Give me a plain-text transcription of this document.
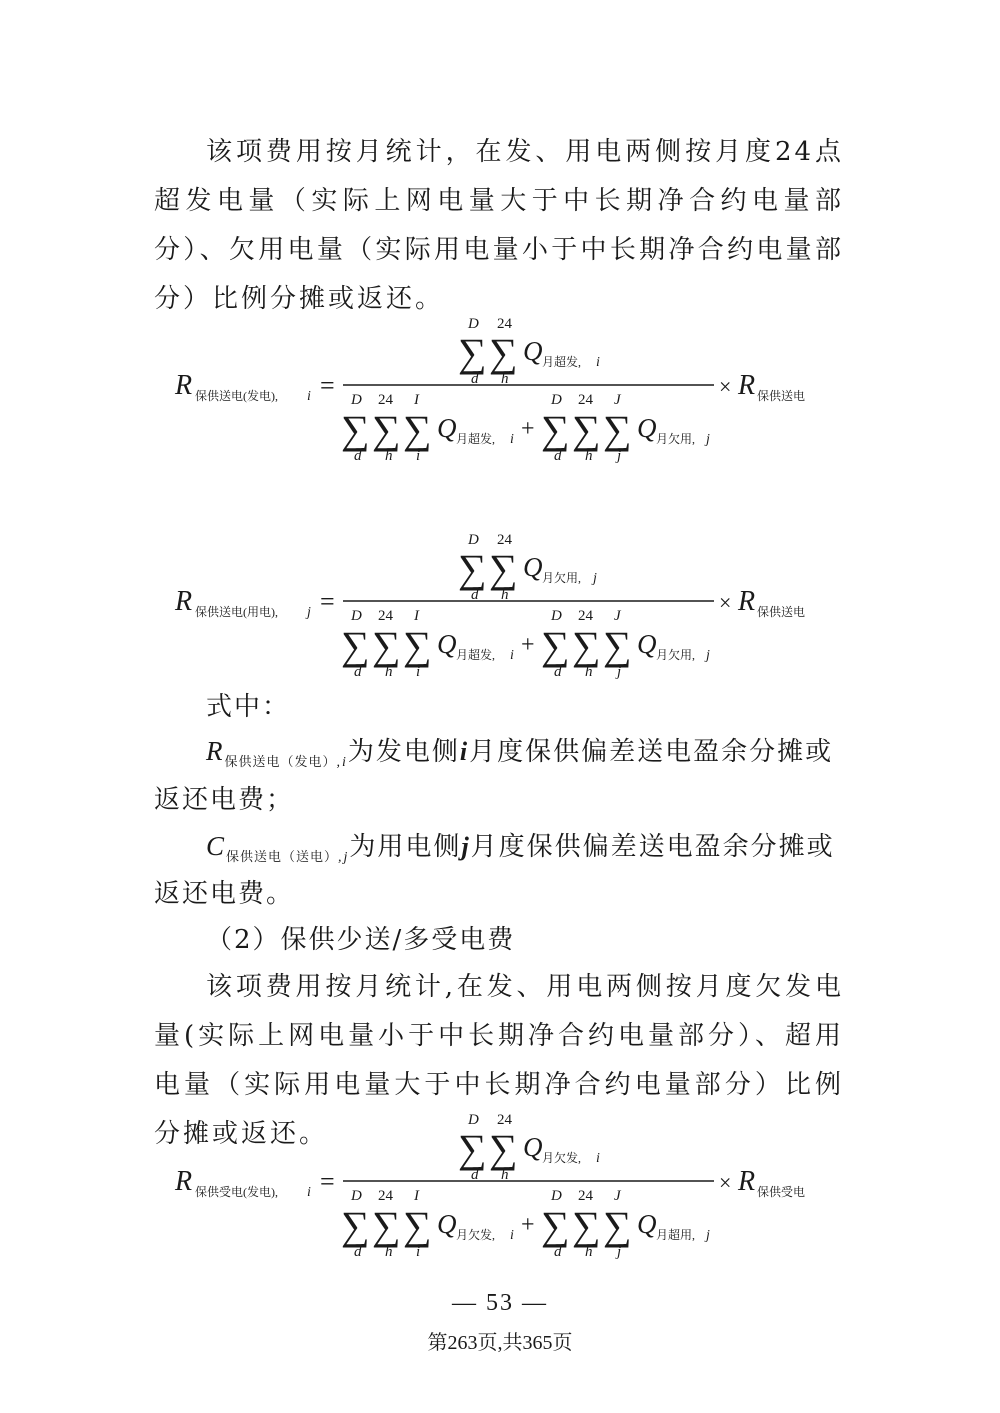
该项费用按月统计，在发、用电两侧按月度24点超发电量（实际上网电量大于中长期净合约电量部分）、欠用电量（实际用电量小于中长期净合约电量部分）比例分摊或返还。

D 24
∑ ∑
d h
Q 月超发, i
R 保供送电(发电), i =	× R 保供送电
D 24 I
∑ ∑ ∑
d h i
Q 月超发, i +
D 24 J
∑ ∑ ∑
d h j
Q 月欠用, j
D 24
∑ ∑
d h
Q 月欠用, j
R 保供送电(用电), j =	× R 保供送电
D 24 I
∑ ∑ ∑
d h i
Q 月超发, i +
D 24 J
∑ ∑ ∑
d h j
Q 月欠用, j
式中：
$R_{保供送电(发电),i}$为发电侧i月度保供偏差送电盈余分摊或
返还电费；
$C_{保供送电(送电),j}$为用电侧j月度保供偏差送电盈余分摊或
返还电费。
（2）保供少送/多受电费

该项费用按月统计,在发、用电两侧按月度欠发电量(实际上网电量小于中长期净合约电量部分）、超用电量（实际用电量大于中长期净合约电量部分）比例分摊或返还。	D 24
∑ ∑
d h
Q 月欠发, i
R 保供受电(发电), i =	× R 保供受电
D 24 I
∑ ∑ ∑
d h i
Q 月欠发, i +
D 24 J
∑ ∑ ∑
d h j
Q 月超用, j
— 53 —
第263页,共365页
